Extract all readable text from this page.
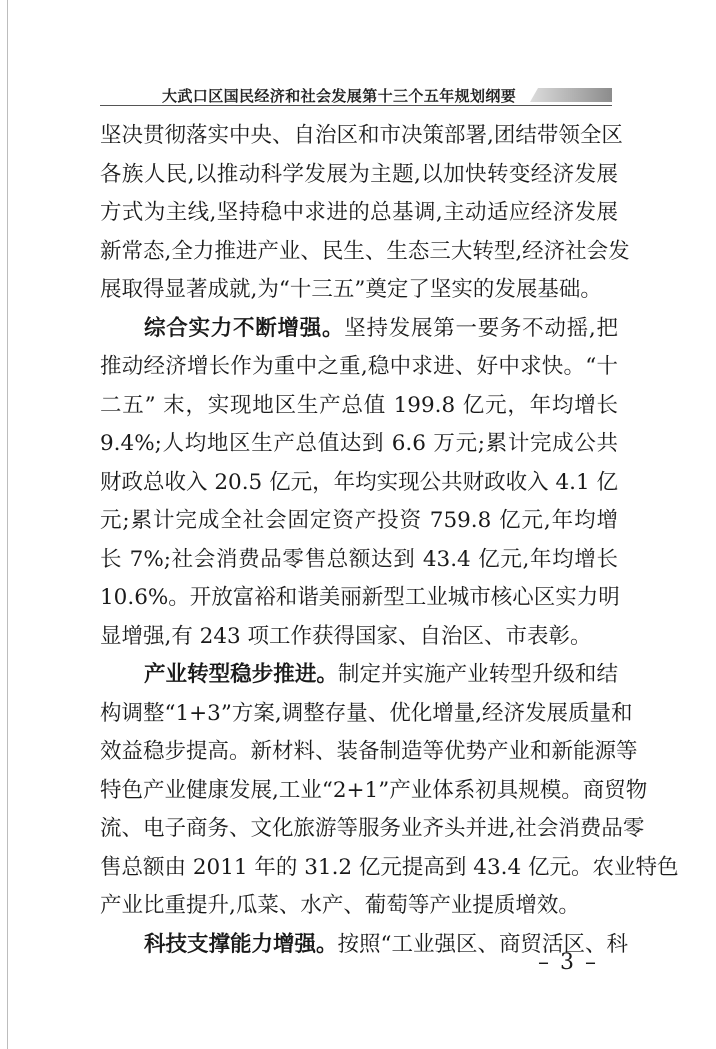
大武口区国民经济和社会发展第十三个五年规划纲要
坚决贯彻落实中央、自治区和市决策部署,团结带领全区
各族人民,以推动科学发展为主题,以加快转变经济发展
方式为主线,坚持稳中求进的总基调,主动适应经济发展
新常态,全力推进产业、民生、生态三大转型,经济社会发
展取得显著成就,为“十三五”奠定了坚实的发展基础。
综合实力不断增强。坚持发展第一要务不动摇,把
推动经济增长作为重中之重,稳中求进、好中求快。“十
二五” 末，实现地区生产总值 199.8 亿元，年均增长
9.4%;人均地区生产总值达到 6.6 万元;累计完成公共
财政总收入 20.5 亿元，年均实现公共财政收入 4.1 亿
元;累计完成全社会固定资产投资 759.8 亿元,年均增
长 7%;社会消费品零售总额达到 43.4 亿元,年均增长
10.6%。开放富裕和谐美丽新型工业城市核心区实力明
显增强,有 243 项工作获得国家、自治区、市表彰。
产业转型稳步推进。制定并实施产业转型升级和结
构调整“1+3”方案,调整存量、优化增量,经济发展质量和
效益稳步提高。新材料、装备制造等优势产业和新能源等
特色产业健康发展,工业“2+1”产业体系初具规模。商贸物
流、电子商务、文化旅游等服务业齐头并进,社会消费品零
售总额由 2011 年的 31.2 亿元提高到 43.4 亿元。农业特色
产业比重提升,瓜菜、水产、葡萄等产业提质增效。
科技支撑能力增强。按照“工业强区、商贸活区、科
– 3 –
